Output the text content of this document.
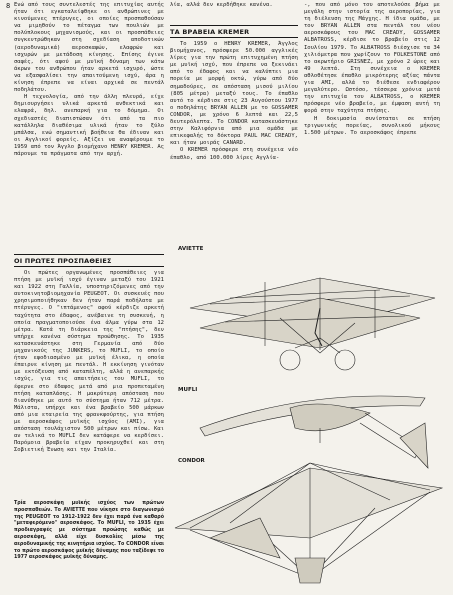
8 Ενώ από τους συντελεστές της επιτυχίας αυτής ήταν ότι εγκαταλείφθηκε οι ανθρώπινες με κινούμενες πτέρυγες, οι οποίες προσπαθούσαν να μιμηθούν το πέταγμα των πουλιών με πολύπλοκους μηχανισμούς, και οι προσπάθειες συγκεντρώθηκαν στη σχεδίαση αποδοτικών (αεροδυναμικά) αεροσκαφών, ελαφρών και ισχυρών με μετάδοση κίνησης. Επίσης έγινε σαφές, ότι αφού με μυϊκή δύναμη των κάτω άκρων του ανθρώπου ήταν αρκετά ισχυρό, ώστε να εξασφαλίσει την απαιτούμενη ισχύ, άρα η κίνηση έπρεπε να είναι αρχικά σε πεντάλ ποδηλάτου.

Η τεχνολογία, από την άλλη πλευρά, είχε δημιουργήσει υλικά αρκετά ανθεκτικά και ελαφρά, δηλ. ανεπαρκή για το δόμημα. Οι σχεδιαστές διαπιστώσαν ότι από τα πιο κατάλληλα διαθέσιμα υλικά ήταν το ξύλο μπάλσα, ενώ σημαντική βοήθεια θα έδιναν και οι Αγγλικοί φορείς. Αξίζει να αναφέρουμε το 1959 από τον Άγγλο βιομήχανο HENRY KREMER. Ας πάρουμε τα πράγματα από την αρχή.

ΟΙ ΠΡΩΤΕΣ ΠΡΟΣΠΑΘΕΙΕΣ

Οι πρώτες οργανωμένες προσπάθειες για πτήση με μυϊκή ισχύ έγιναν μεταξύ του 1921 και 1922 στη Γαλλία, υποστηριζόμενες από την αυτοκινητοβιομηχανία PEUGEOT. Οι συσκευές που χρησιμοποιήθηκαν δεν ήταν παρά ποδήλατα με πτέρυγες. Ο "ιπτάμενος" αφού κέρδιζε αρκετή ταχύτητα στο έδαφος, ανέβαινε τη συσκευή, η οποία πραγματοποιούσε ένα άλμα γύρω στα 12 μέτρα. Κατά τη διάρκεια της "πτήσης", δεν υπήρχε κανένα σύστημα προώθησης. Το 1935 κατασκευάστηκε στη Γερμανία από δύο μηχανικούς της JUNKERS, το MUFLI, το οποίο ήταν εφοδιασμένο με μυϊκή έλικα, η οποία έπαιρνε κίνηση με πεντάλ. Η εκκίνηση γινόταν με εκτόξευση από καταπέλτη, αλλά η ανεπαρκής ισχύς, για τις απαιτήσεις του MUFLI, το έφερνε στο έδαφος μετά από μια προπεταμένη πτήση καταπλάσης. Η μακρύτερη απόσταση που διανύθηκε με αυτό το σύστημα ήταν 712 μέτρα. Μάλιστα, υπήρχε και ένα βραβείο 500 μάρκων από μια εταιρεία της φρανκφούρτης, για πτήση με αεροσκάφος μυϊκής ισχύος (AMI), για απόσταση τουλάχιστον 500 μέτρων και πίσω. Και αν τελικά το MUFLI δεν κατάφερε να κερδίσει. Παρόμοια βραβεία είχαν προκηρυχθεί και στη Σοβιετική Ένωση και την Ιταλία.

Τρία αεροσκάφη μυϊκής ισχύος των πρώτων προσπαθειών. Το AVIETTE που νίκησε στο διαγωνισμό της PEUGEOT το 1912-1922 δεν έχει παρά ένα καθαρό "μεταφερόμενο" αεροσκάφος. Το MUFLI, το 1935 έχει προδιαγραφές με σύστημα προώσης καθώς με αεροσκάφη, αλλά είχε δυσκολίες μέσω της αεροδυναμικής της κινητήρια ισχύος. Το CONDOR είναι το πρώτο αεροσκάφος μυϊκής δύναμης που ταξίδεψε το 1977 αεροσκάφος μυϊκής δύναμης.

λία, αλλά δεν κερδήθηκε κανένα.

ΤΑ ΒΡΑΒΕΙΑ KREMER

Το 1959 ο HENRY KREMER, Άγγλος βιομήχανος, πρόσφερε 50.000 αγγλικές λίρες για την πρώτη επιτυχημένη πτήση με μυϊκή ισχύ, που έπρεπε να ξεκινάει από το έδαφος και να καλύπτει μια πορεία με μορφή οκτώ, γύρω από δύο σημαδούρες, σε απόσταση μισού μιλίου (805 μέτρα) μεταξύ τους. Το έπαθλο αυτό το κέρδισε στις 23 Αυγούστου 1977 ο ποδηλάτης BRYAN ALLEN με το GOSSAMER CONDOR, με χρόνο 6 λεπτά και 22,5 δευτερόλεπτα. Το CONDOR κατασκευάστηκε στην Καλιφόρνια από μια ομάδα με επικεφαλής το δόκτορα PAUL MAC CREADY, και ήταν μοιράς CANARD.

Ο KREMER πρόσφερε στη συνέχεια νέο έπαθλο, από 100.000 λίρες Αγγλία-

-, που από μόνο του αποτελούσε βήμα με μεγάλη στην ιστορία της αεροπορίας, για τη διέλευση της Μάγχης. Η ίδια ομάδα, με τον BRYAN ALLEN στα πεντάλ του νέου αεροσκάφους του MAC CREADY, GOSSAMER ALBATROSS, κέρδισε το βραβείο στις 12 Ιουλίου 1979. Το ALBATROSS διέσχισε τα 34 χιλιόμετρα που χωρίζουν το FOLKESTONE από το ακρωτήριο GRISNEZ, με χρόνο 2 ώρες και 49 λεπτά. Στη συνέχεια ο KREMER αθλοθέτησε έπαθλο μικρότερης αξίας πάντα για AMI, αλλά το διέθεσε ενδιαφέρον μεγαλύτερο. Ωστόσο, τέσσερα χρόνια μετά την επιτυχία του ALBATROSS, ο KREMER πρόσφερε νέο βραβείο, με έμφαση αυτή τη φορά στην ταχύτητα πτήσης.

Η δοκιμασία συνίσταται σε πτήση τριγωνικής πορείας, συνολικού μήκους 1.500 μέτρων. Το αεροσκάφος έπρεπε

AVIETTE
MUFLI
CONDOR
